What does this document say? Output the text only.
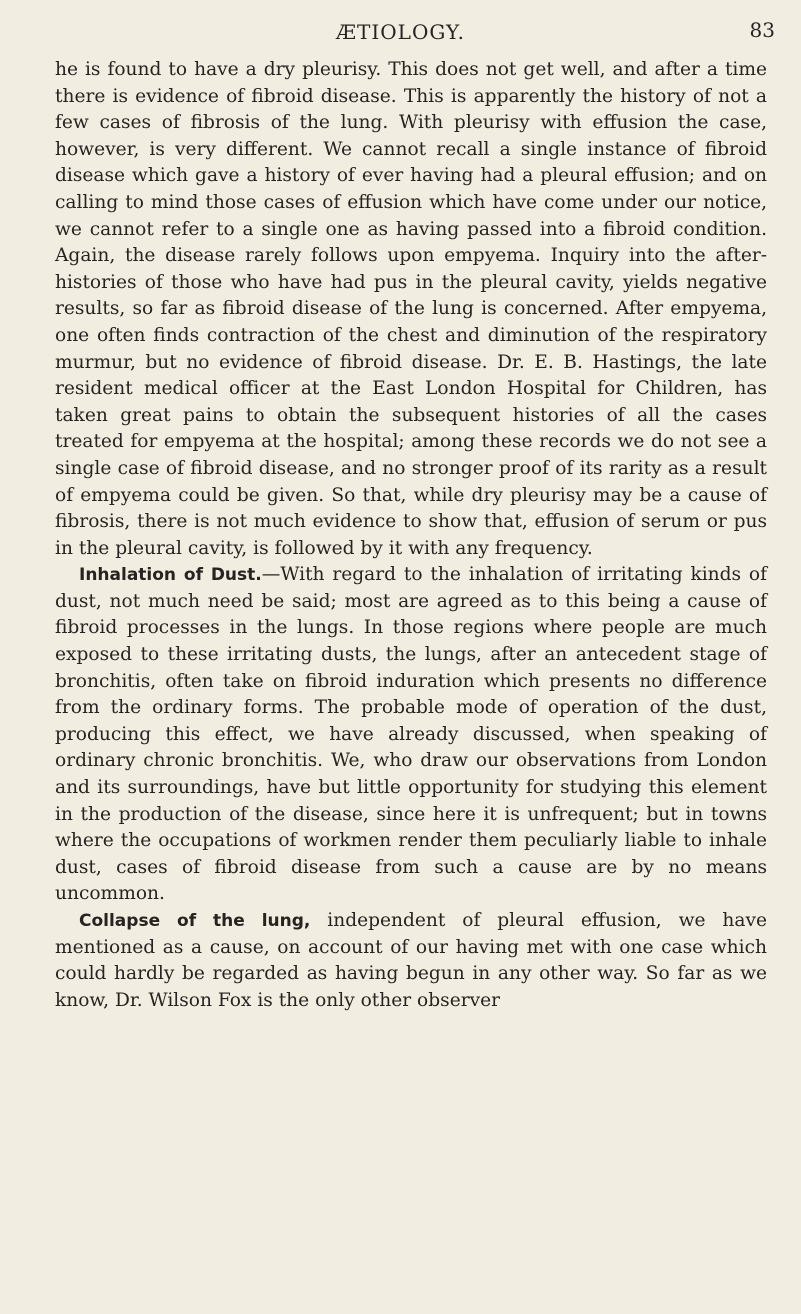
ÆTIOLOGY.	83

he is found to have a dry pleurisy. This does not get well, and after a time there is evidence of fibroid disease. This is apparently the history of not a few cases of fibrosis of the lung. With pleurisy with effusion the case, however, is very different. We cannot recall a single instance of fibroid disease which gave a history of ever having had a pleural effusion; and on calling to mind those cases of effusion which have come under our notice, we cannot refer to a single one as having passed into a fibroid condition. Again, the disease rarely follows upon empyema. Inquiry into the after-histories of those who have had pus in the pleural cavity, yields negative results, so far as fibroid disease of the lung is concerned. After empyema, one often finds contraction of the chest and diminution of the respiratory murmur, but no evidence of fibroid disease. Dr. E. B. Hastings, the late resident medical officer at the East London Hospital for Children, has taken great pains to obtain the subsequent histories of all the cases treated for empyema at the hospital; among these records we do not see a single case of fibroid disease, and no stronger proof of its rarity as a result of empyema could be given. So that, while dry pleurisy may be a cause of fibrosis, there is not much evidence to show that, effusion of serum or pus in the pleural cavity, is followed by it with any frequency.

Inhalation of Dust.—With regard to the inhalation of irritating kinds of dust, not much need be said; most are agreed as to this being a cause of fibroid processes in the lungs. In those regions where people are much exposed to these irritating dusts, the lungs, after an antecedent stage of bronchitis, often take on fibroid induration which presents no difference from the ordinary forms. The probable mode of operation of the dust, producing this effect, we have already discussed, when speaking of ordinary chronic bronchitis. We, who draw our observations from London and its surroundings, have but little opportunity for studying this element in the production of the disease, since here it is unfrequent; but in towns where the occupations of workmen render them peculiarly liable to inhale dust, cases of fibroid disease from such a cause are by no means uncommon.

Collapse of the lung, independent of pleural effusion, we have mentioned as a cause, on account of our having met with one case which could hardly be regarded as having begun in any other way. So far as we know, Dr. Wilson Fox is the only other observer
